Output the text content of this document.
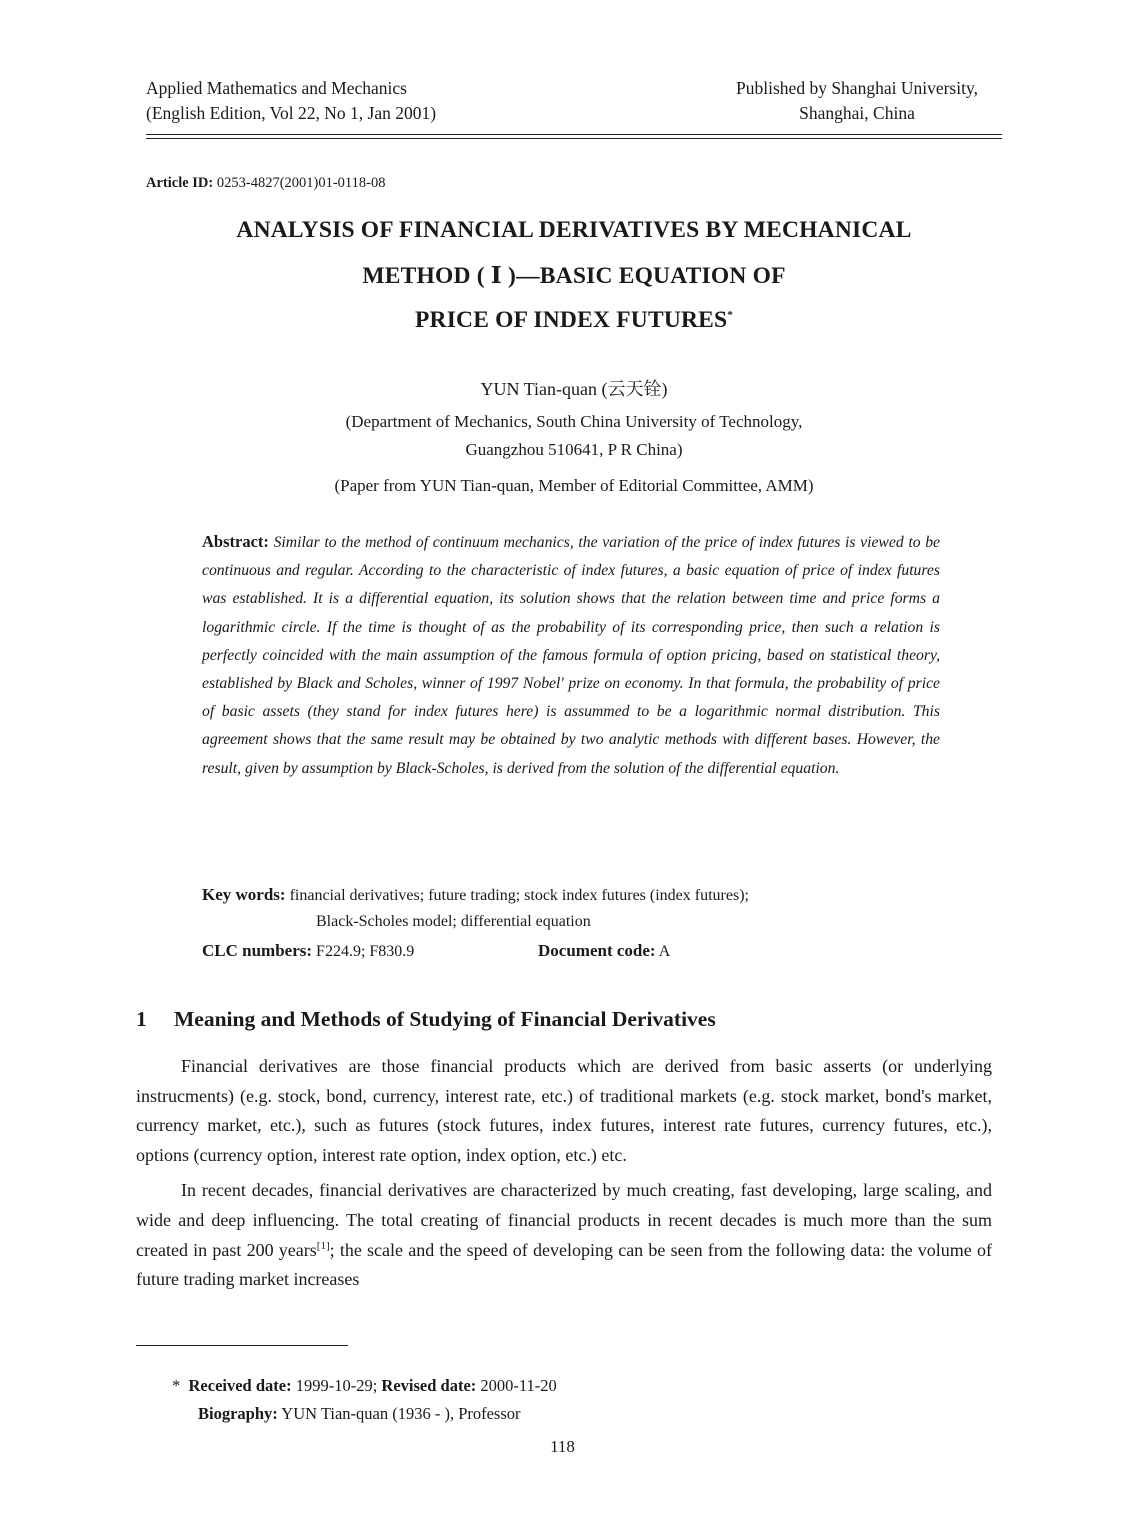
Applied Mathematics and Mechanics
(English Edition, Vol 22, No 1, Jan 2001)
Published by Shanghai University,
Shanghai, China
Article ID: 0253-4827(2001)01-0118-08
ANALYSIS OF FINANCIAL DERIVATIVES BY MECHANICAL
METHOD ( Ⅰ )—BASIC EQUATION OF
PRICE OF INDEX FUTURES*
YUN Tian-quan (云天铨)
(Department of Mechanics, South China University of Technology,
Guangzhou 510641, P R China)
(Paper from YUN Tian-quan, Member of Editorial Committee, AMM)
Abstract: Similar to the method of continuum mechanics, the variation of the price of index futures is viewed to be continuous and regular. According to the characteristic of index futures, a basic equation of price of index futures was established. It is a differential equation, its solution shows that the relation between time and price forms a logarithmic circle. If the time is thought of as the probability of its corresponding price, then such a relation is perfectly coincided with the main assumption of the famous formula of option pricing, based on statistical theory, established by Black and Scholes, winner of 1997 Nobel' prize on economy. In that formula, the probability of price of basic assets (they stand for index futures here) is assummed to be a logarithmic normal distribution. This agreement shows that the same result may be obtained by two analytic methods with different bases. However, the result, given by assumption by Black-Scholes, is derived from the solution of the differential equation.
Key words: financial derivatives; future trading; stock index futures (index futures);
Black-Scholes model; differential equation
CLC numbers: F224.9; F830.9	Document code: A
1 Meaning and Methods of Studying of Financial Derivatives

Financial derivatives are those financial products which are derived from basic asserts (or underlying instrucments) (e.g. stock, bond, currency, interest rate, etc.) of traditional markets (e.g. stock market, bond's market, currency market, etc.), such as futures (stock futures, index futures, interest rate futures, currency futures, etc.), options (currency option, interest rate option, index option, etc.) etc.

In recent decades, financial derivatives are characterized by much creating, fast developing, large scaling, and wide and deep influencing. The total creating of financial products in recent decades is much more than the sum created in past 200 years[1]; the scale and the speed of developing can be seen from the following data: the volume of future trading market increases

* Received date: 1999-10-29; Revised date: 2000-11-20
Biography: YUN Tian-quan (1936 - ), Professor
118
